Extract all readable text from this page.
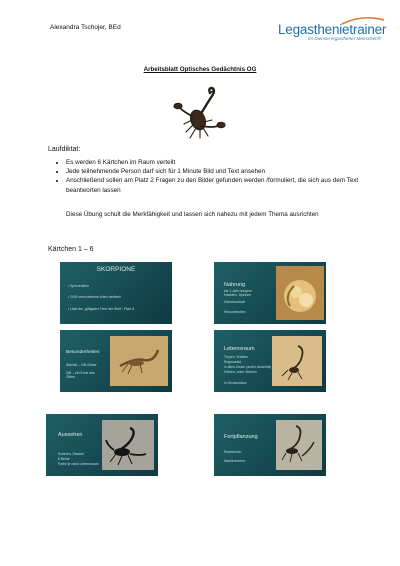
Alexandra Tschojer, BEd	Legasthenietrainer
Im Dienste legasthener Menschen®
Arbeitsblatt Optisches Gedächtnis OG
Laufdiktat:
• Es werden 6 Kärtchen im Raum verteilt
• Jede teilnehmende Person darf sich für 1 Minute Bild und Text ansehen
• Anschließend sollen am Platz 2 Fragen zu den Bilder gefunden werden /formuliert, die sich aus dem Text beantworten lassen
Diese Übung schult die Merkfähigkeit und lassen sich nahezu mit jedem Thema ausrichten
Kärtchen 1 – 6
SKORPIONE
• Spinnentiere
• 2000 verschiedene Arten weltweit
• Liste der „giftigsten Tiere der Welt“: Platz 8
Nahrung
bis 1 Jahr hungern
Insekten, Spinnen
Gemeinschaft
Heuschrecken
Besonderheiten
Stachel – Gift-Drüse
Gift – ein Ende des Giftes
Lebensraum
Tropen, Wüsten
Regenwald
in allen Zonen (außer Antarktis)
Höhlen, unter Steinen
in Deutschland
Aussehen
Scheren, Stachel
8 Beine
Farbe je nach Lebensraum
Fortpflanzung
Eiweibchen
Nachkommen
